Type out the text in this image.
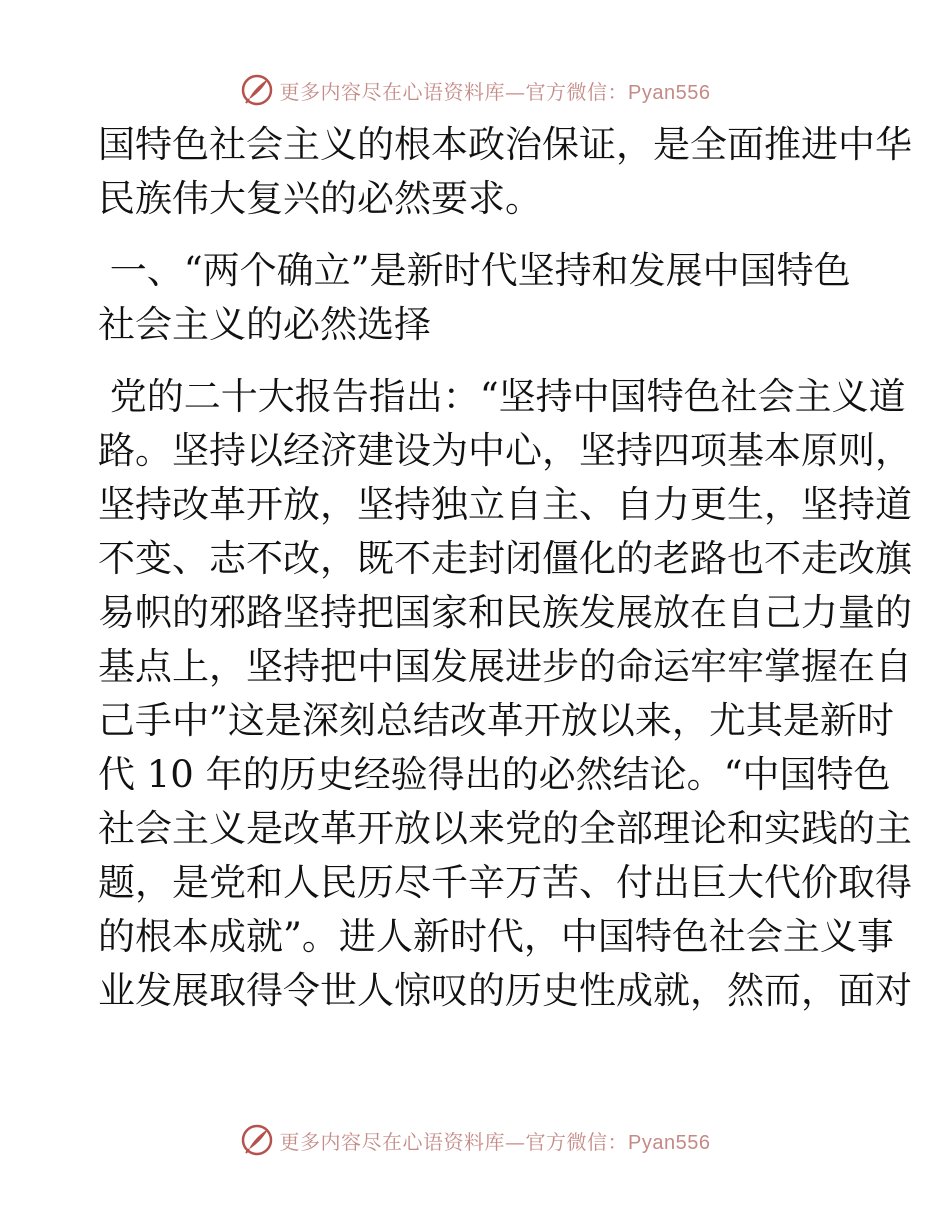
更多内容尽在心语资料库—官方微信：Pyan556
国特色社会主义的根本政治保证，是全面推进中华
民族伟大复兴的必然要求。
一、“两个确立”是新时代坚持和发展中国特色
社会主义的必然选择
党的二十大报告指出：“坚持中国特色社会主义道
路。坚持以经济建设为中心，坚持四项基本原则，
坚持改革开放，坚持独立自主、自力更生，坚持道
不变、志不改，既不走封闭僵化的老路也不走改旗
易帜的邪路坚持把国家和民族发展放在自己力量的
基点上，坚持把中国发展进步的命运牢牢掌握在自
己手中”这是深刻总结改革开放以来，尤其是新时
代 10 年的历史经验得出的必然结论。“中国特色
社会主义是改革开放以来党的全部理论和实践的主
题，是党和人民历尽千辛万苦、付出巨大代价取得
的根本成就”。进人新时代，中国特色社会主义事
业发展取得令世人惊叹的历史性成就，然而，面对
更多内容尽在心语资料库—官方微信：Pyan556
